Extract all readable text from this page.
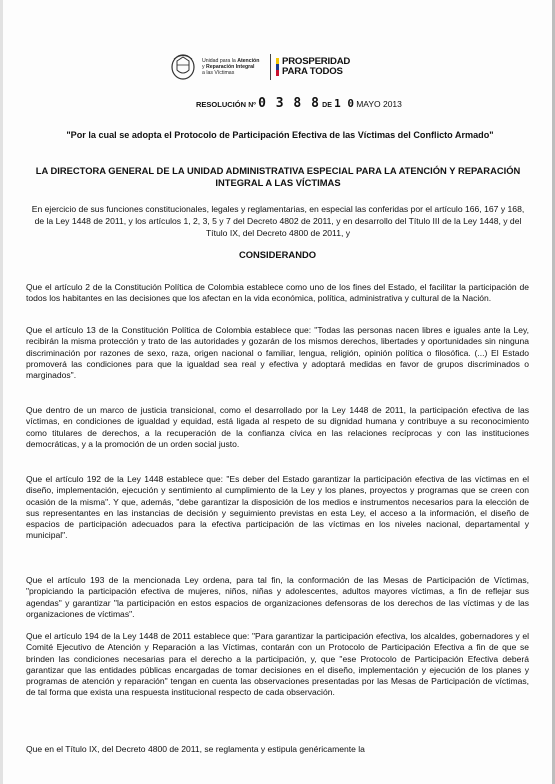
Unidad para la Atención
y Reparación Integral
a las Víctimas
PROSPERIDAD
PARA TODOS
RESOLUCIÓN Nº 0 3 8 8 DE 1 0 MAYO 2013
"Por la cual se adopta el Protocolo de Participación Efectiva de las Víctimas del Conflicto Armado"
LA DIRECTORA GENERAL DE LA UNIDAD ADMINISTRATIVA ESPECIAL PARA LA ATENCIÓN Y REPARACIÓN INTEGRAL A LAS VÍCTIMAS
En ejercicio de sus funciones constitucionales, legales y reglamentarias, en especial las conferidas por el artículo 166, 167 y 168, de la Ley 1448 de 2011, y los artículos 1, 2, 3, 5 y 7 del Decreto 4802 de 2011, y en desarrollo del Título III de la Ley 1448, y del Título IX, del Decreto 4800 de 2011, y
CONSIDERANDO
Que el artículo 2 de la Constitución Política de Colombia establece como uno de los fines del Estado, el facilitar la participación de todos los habitantes en las decisiones que los afectan en la vida económica, política, administrativa y cultural de la Nación.
Que el artículo 13 de la Constitución Política de Colombia establece que: "Todas las personas nacen libres e iguales ante la Ley, recibirán la misma protección y trato de las autoridades y gozarán de los mismos derechos, libertades y oportunidades sin ninguna discriminación por razones de sexo, raza, origen nacional o familiar, lengua, religión, opinión política o filosófica. (...) El Estado promoverá las condiciones para que la igualdad sea real y efectiva y adoptará medidas en favor de grupos discriminados o marginados".
Que dentro de un marco de justicia transicional, como el desarrollado por la Ley 1448 de 2011, la participación efectiva de las víctimas, en condiciones de igualdad y equidad, está ligada al respeto de su dignidad humana y contribuye a su reconocimiento como titulares de derechos, a la recuperación de la confianza cívica en las relaciones recíprocas y con las instituciones democráticas, y a la promoción de un orden social justo.
Que el artículo 192 de la Ley 1448 establece que: "Es deber del Estado garantizar la participación efectiva de las víctimas en el diseño, implementación, ejecución y sentimiento al cumplimiento de la Ley y los planes, proyectos y programas que se creen con ocasión de la misma". Y que, además, "debe garantizar la disposición de los medios e instrumentos necesarios para la elección de sus representantes en las instancias de decisión y seguimiento previstas en esta Ley, el acceso a la información, el diseño de espacios de participación adecuados para la efectiva participación de las víctimas en los niveles nacional, departamental y municipal".
Que el artículo 193 de la mencionada Ley ordena, para tal fin, la conformación de las Mesas de Participación de Víctimas, "propiciando la participación efectiva de mujeres, niños, niñas y adolescentes, adultos mayores víctimas, a fin de reflejar sus agendas" y garantizar "la participación en estos espacios de organizaciones defensoras de los derechos de las víctimas y de las organizaciones de víctimas".
Que el artículo 194 de la Ley 1448 de 2011 establece que: "Para garantizar la participación efectiva, los alcaldes, gobernadores y el Comité Ejecutivo de Atención y Reparación a las Víctimas, contarán con un Protocolo de Participación Efectiva a fin de que se brinden las condiciones necesarias para el derecho a la participación, y, que "ese Protocolo de Participación Efectiva deberá garantizar que las entidades públicas encargadas de tomar decisiones en el diseño, implementación y ejecución de los planes y programas de atención y reparación" tengan en cuenta las observaciones presentadas por las Mesas de Participación de víctimas, de tal forma que exista una respuesta institucional respecto de cada observación.
Que en el Título IX, del Decreto 4800 de 2011, se reglamenta y estipula genéricamente la
